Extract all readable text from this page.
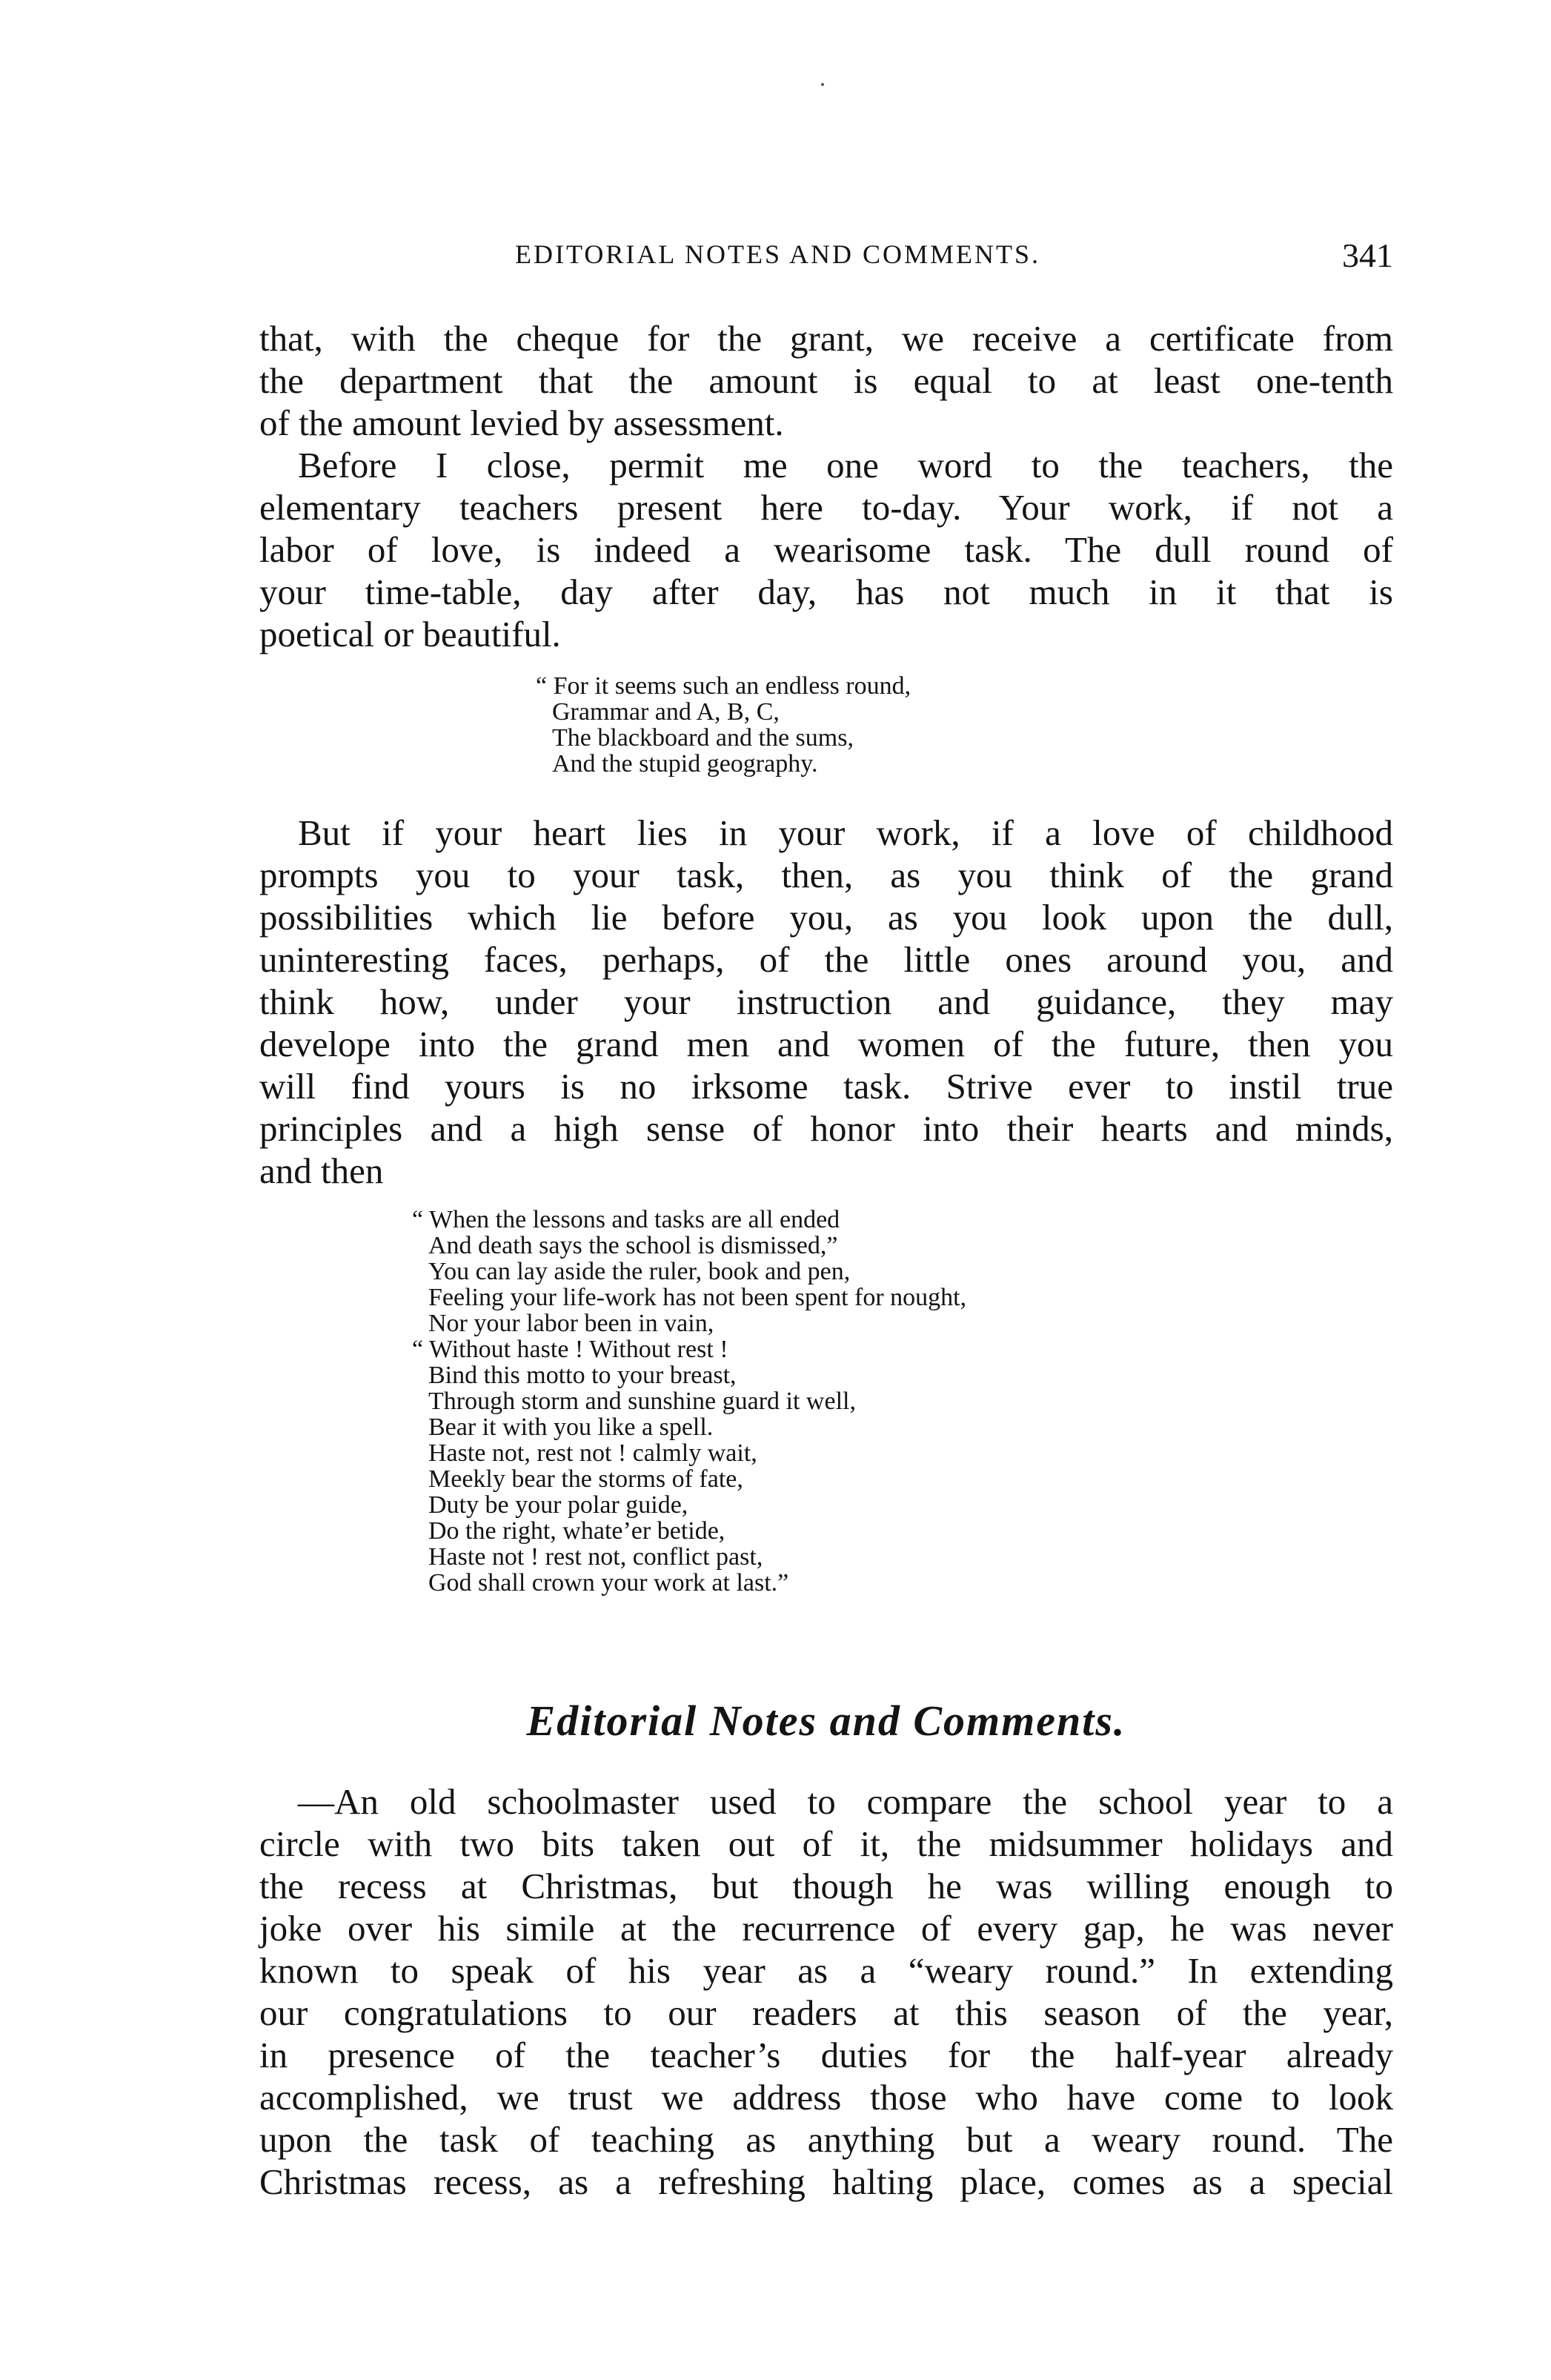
EDITORIAL NOTES AND COMMENTS.	341
that, with the cheque for the grant, we receive a certificate from
the department that the amount is equal to at least one-tenth
of the amount levied by assessment.
Before I close, permit me one word to the teachers, the
elementary teachers present here to-day. Your work, if not a
labor of love, is indeed a wearisome task. The dull round of
your time-table, day after day, has not much in it that is
poetical or beautiful.
“ For it seems such an endless round,
Grammar and A, B, C,
The blackboard and the sums,
And the stupid geography.
But if your heart lies in your work, if a love of childhood
prompts you to your task, then, as you think of the grand
possibilities which lie before you, as you look upon the dull,
uninteresting faces, perhaps, of the little ones around you, and
think how, under your instruction and guidance, they may
develope into the grand men and women of the future, then you
will find yours is no irksome task. Strive ever to instil true
principles and a high sense of honor into their hearts and minds,
and then
“ When the lessons and tasks are all ended
And death says the school is dismissed,”
You can lay aside the ruler, book and pen,
Feeling your life-work has not been spent for nought,
Nor your labor been in vain,
“ Without haste ! Without rest !
Bind this motto to your breast,
Through storm and sunshine guard it well,
Bear it with you like a spell.
Haste not, rest not ! calmly wait,
Meekly bear the storms of fate,
Duty be your polar guide,
Do the right, whate’er betide,
Haste not ! rest not, conflict past,
God shall crown your work at last.”
Editorial Notes and Comments.
—An old schoolmaster used to compare the school year to a
circle with two bits taken out of it, the midsummer holidays and
the recess at Christmas, but though he was willing enough to
joke over his simile at the recurrence of every gap, he was never
known to speak of his year as a “weary round.” In extending
our congratulations to our readers at this season of the year,
in presence of the teacher’s duties for the half-year already
accomplished, we trust we address those who have come to look
upon the task of teaching as anything but a weary round. The
Christmas recess, as a refreshing halting place, comes as a special
